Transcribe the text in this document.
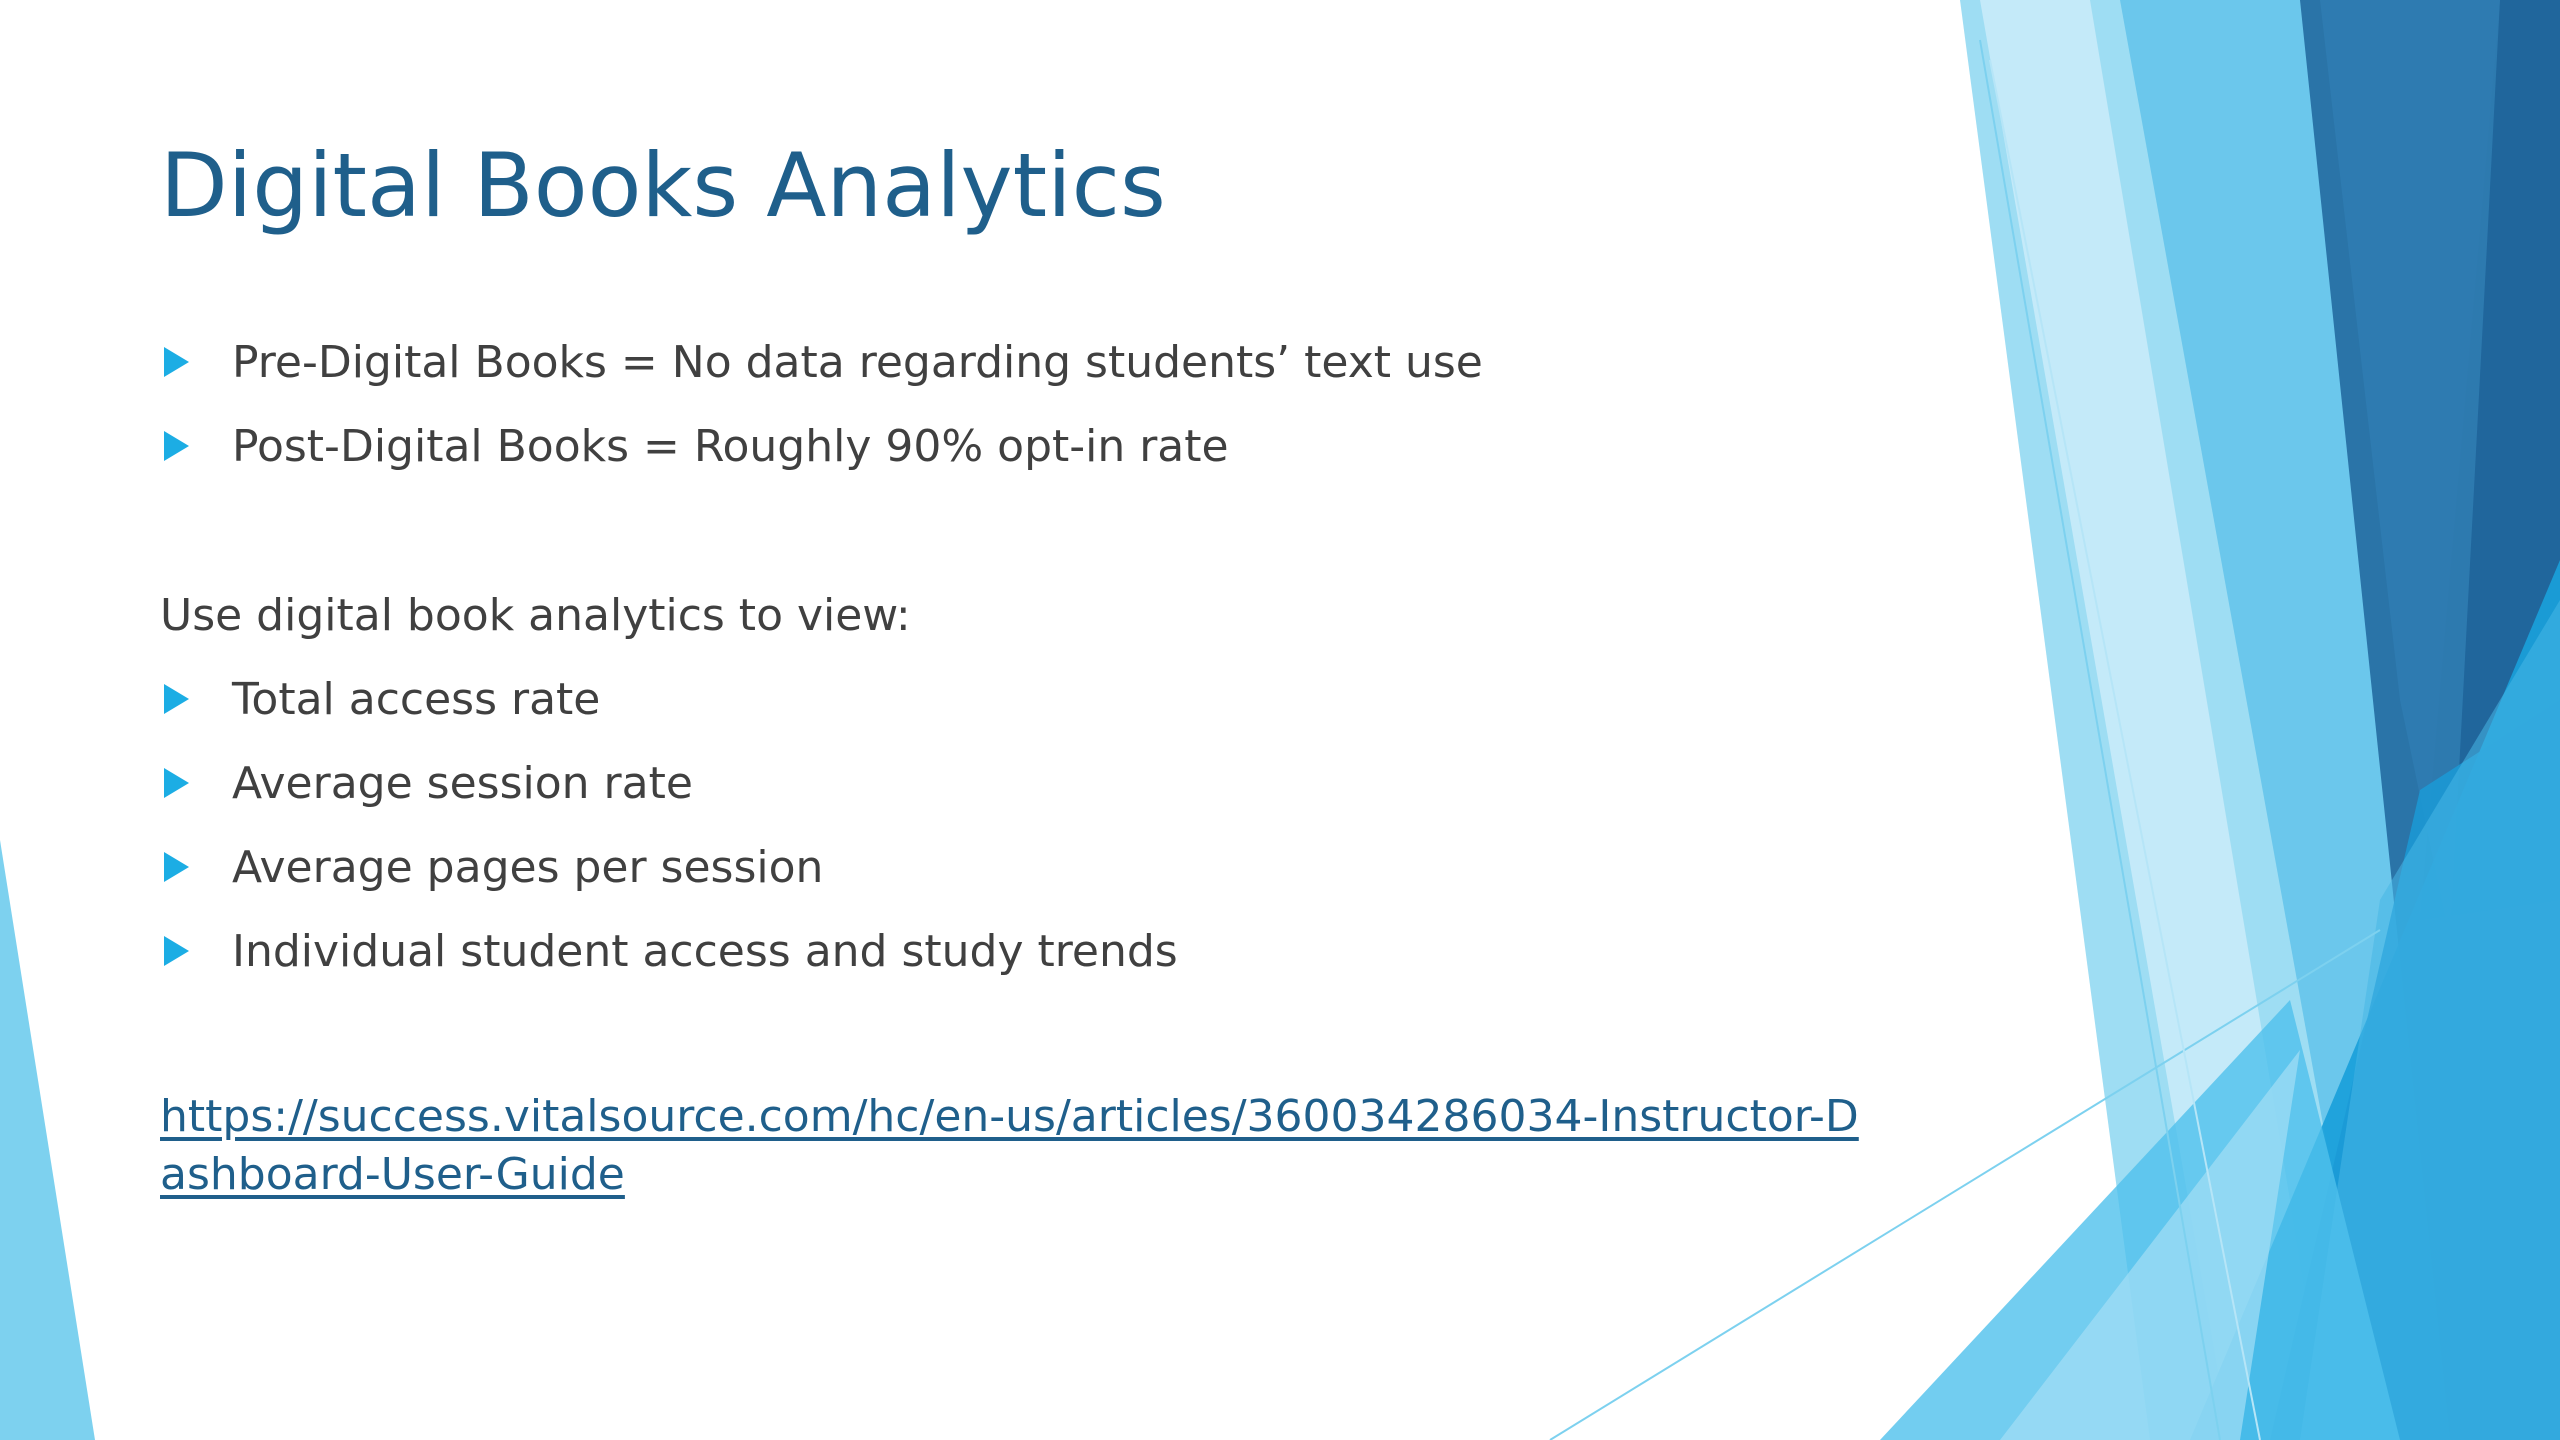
Digital Books Analytics
Pre-Digital Books = No data regarding students’ text use
Post-Digital Books = Roughly 90% opt-in rate
Use digital book analytics to view:
Total access rate
Average session rate
Average pages per session
Individual student access and study trends
https://success.vitalsource.com/hc/en-us/articles/360034286034-Instructor-Dashboard-User-Guide
